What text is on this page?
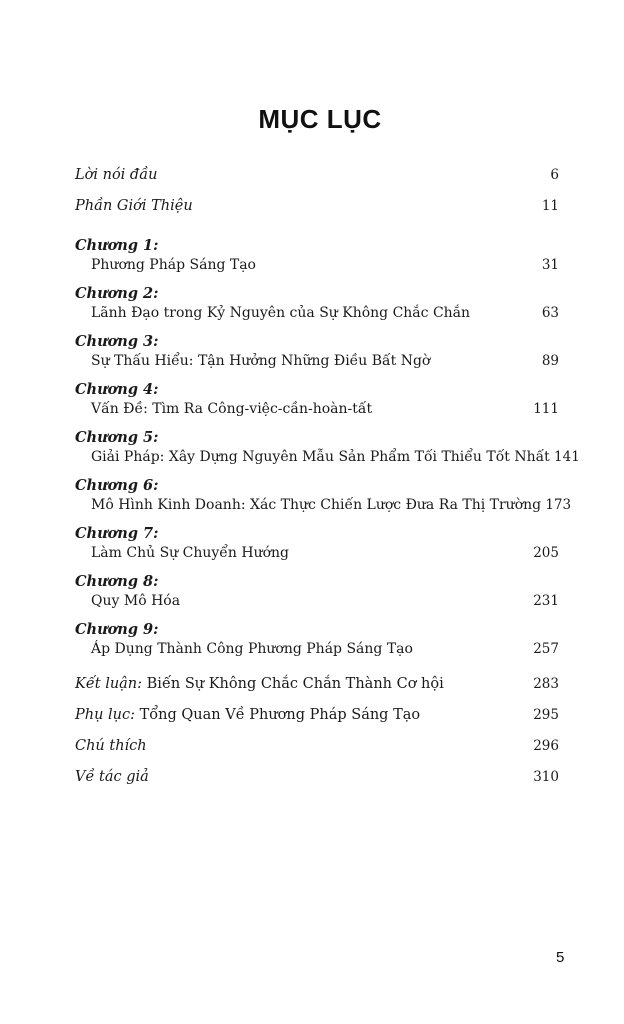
MỤC LỤC
Lời nói đầu	6
Phần Giới Thiệu	11
Chương 1:
Phương Pháp Sáng Tạo	31
Chương 2:
Lãnh Đạo trong Kỷ Nguyên của Sự Không Chắc Chắn	63
Chương 3:
Sự Thấu Hiểu: Tận Hưởng Những Điều Bất Ngờ	89
Chương 4:
Vấn Đề: Tìm Ra Công-việc-cần-hoàn-tất	111
Chương 5:
Giải Pháp: Xây Dựng Nguyên Mẫu Sản Phẩm Tối Thiểu Tốt Nhất 141
Chương 6:
Mô Hình Kinh Doanh: Xác Thực Chiến Lược Đưa Ra Thị Trường 173
Chương 7:
Làm Chủ Sự Chuyển Hướng	205
Chương 8:
Quy Mô Hóa	231
Chương 9:
Áp Dụng Thành Công Phương Pháp Sáng Tạo	257
Kết luận: Biến Sự Không Chắc Chắn Thành Cơ hội	283
Phụ lục: Tổng Quan Về Phương Pháp Sáng Tạo	295
Chú thích	296
Về tác giả	310
5
